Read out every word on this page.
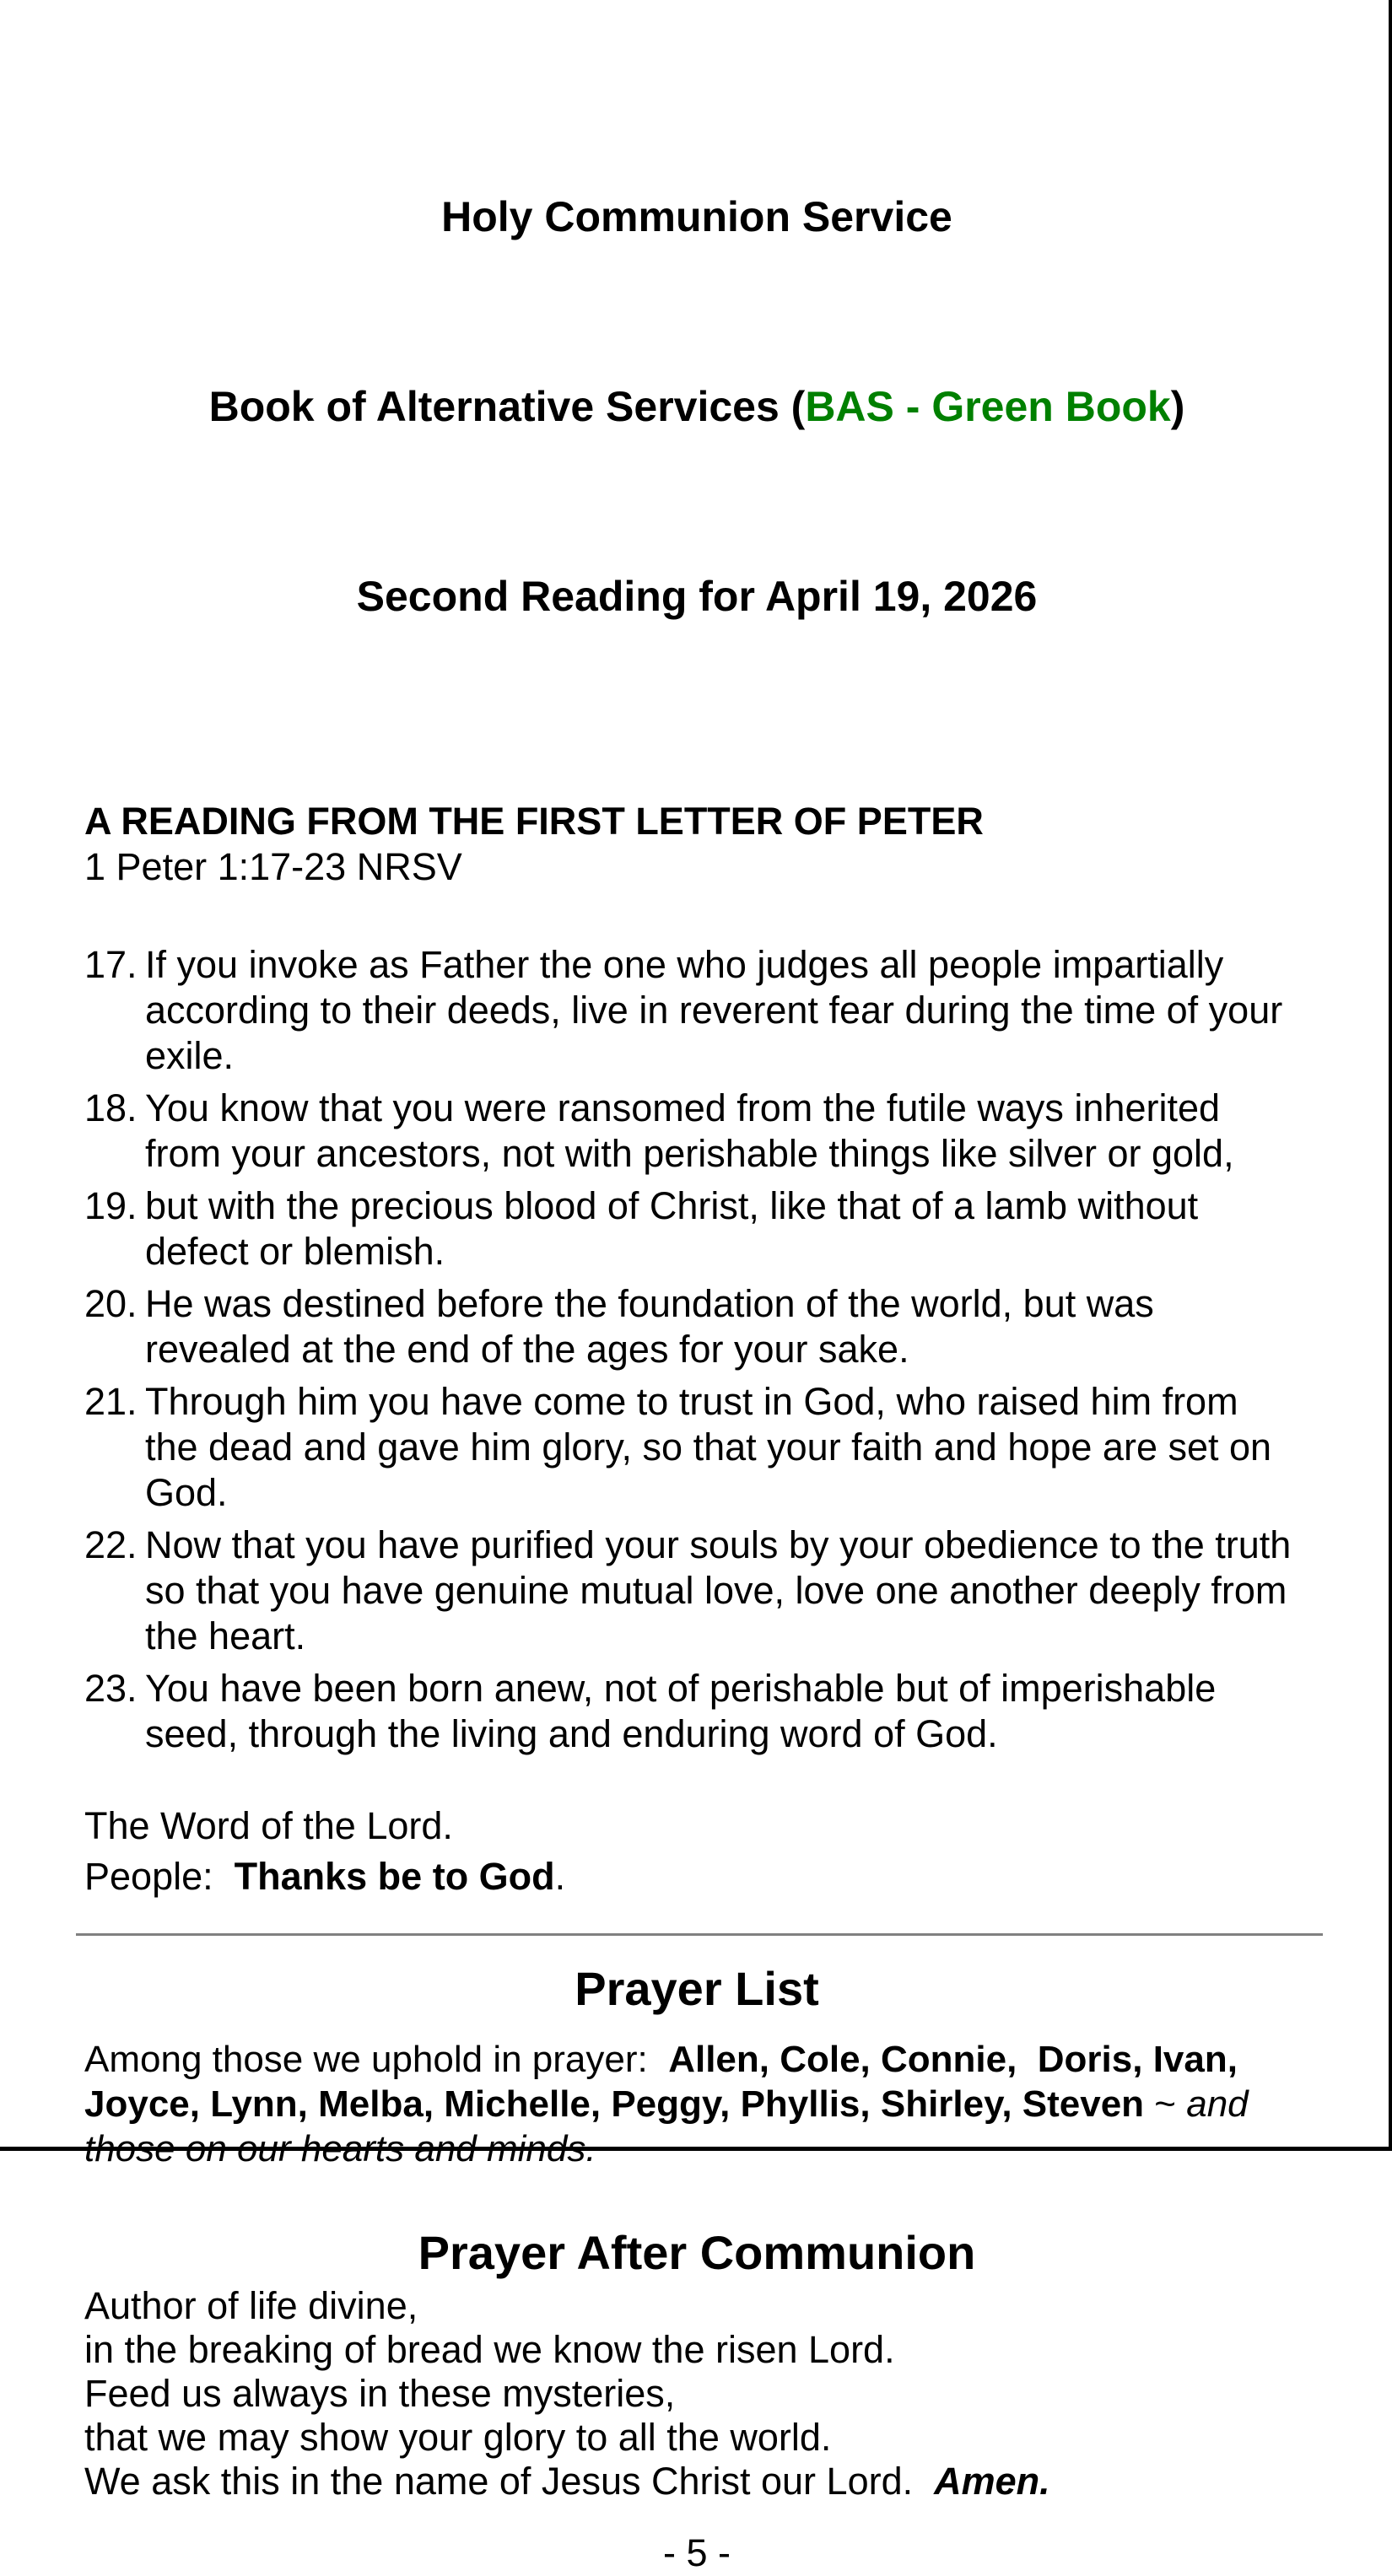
Holy Communion Service

Book of Alternative Services (BAS - Green Book)

Second Reading for April 19, 2026

A READING FROM THE FIRST LETTER OF PETER
1 Peter 1:17-23 NRSV
17. If you invoke as Father the one who judges all people impartially according to their deeds, live in reverent fear during the time of your exile.
18. You know that you were ransomed from the futile ways inherited from your ancestors, not with perishable things like silver or gold,
19. but with the precious blood of Christ, like that of a lamb without defect or blemish.
20. He was destined before the foundation of the world, but was revealed at the end of the ages for your sake.
21. Through him you have come to trust in God, who raised him from the dead and gave him glory, so that your faith and hope are set on God.
22. Now that you have purified your souls by your obedience to the truth so that you have genuine mutual love, love one another deeply from the heart.
23. You have been born anew, not of perishable but of imperishable seed, through the living and enduring word of God.
The Word of the Lord.
People:  Thanks be to God.
Prayer List
Among those we uphold in prayer:  Allen, Cole, Connie,  Doris, Ivan, Joyce, Lynn, Melba, Michelle, Peggy, Phyllis, Shirley, Steven ~ and those on our hearts and minds.
Prayer After Communion
Author of life divine,
in the breaking of bread we know the risen Lord.
Feed us always in these mysteries,
that we may show your glory to all the world.
We ask this in the name of Jesus Christ our Lord.  Amen.
- 5 -
